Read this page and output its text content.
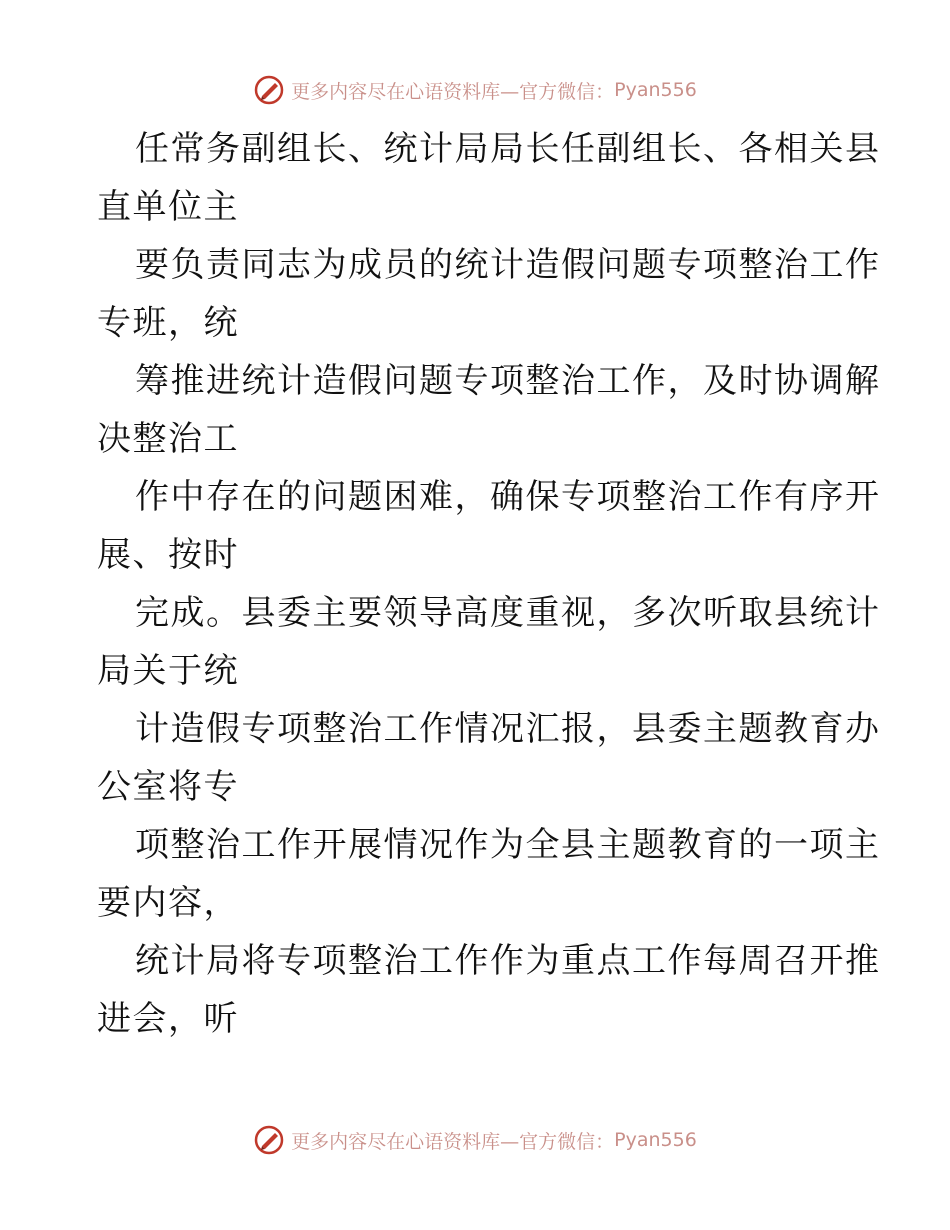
更多内容尽在心语资料库—官方微信： Pyan556
任常务副组长、统计局局长任副组长、各相关县
直单位主
要负责同志为成员的统计造假问题专项整治工作
专班，统
筹推进统计造假问题专项整治工作，及时协调解
决整治工
作中存在的问题困难，确保专项整治工作有序开
展、按时
完成。县委主要领导高度重视，多次听取县统计
局关于统
计造假专项整治工作情况汇报，县委主题教育办
公室将专
项整治工作开展情况作为全县主题教育的一项主
要内容，
统计局将专项整治工作作为重点工作每周召开推
进会，听
更多内容尽在心语资料库—官方微信： Pyan556
